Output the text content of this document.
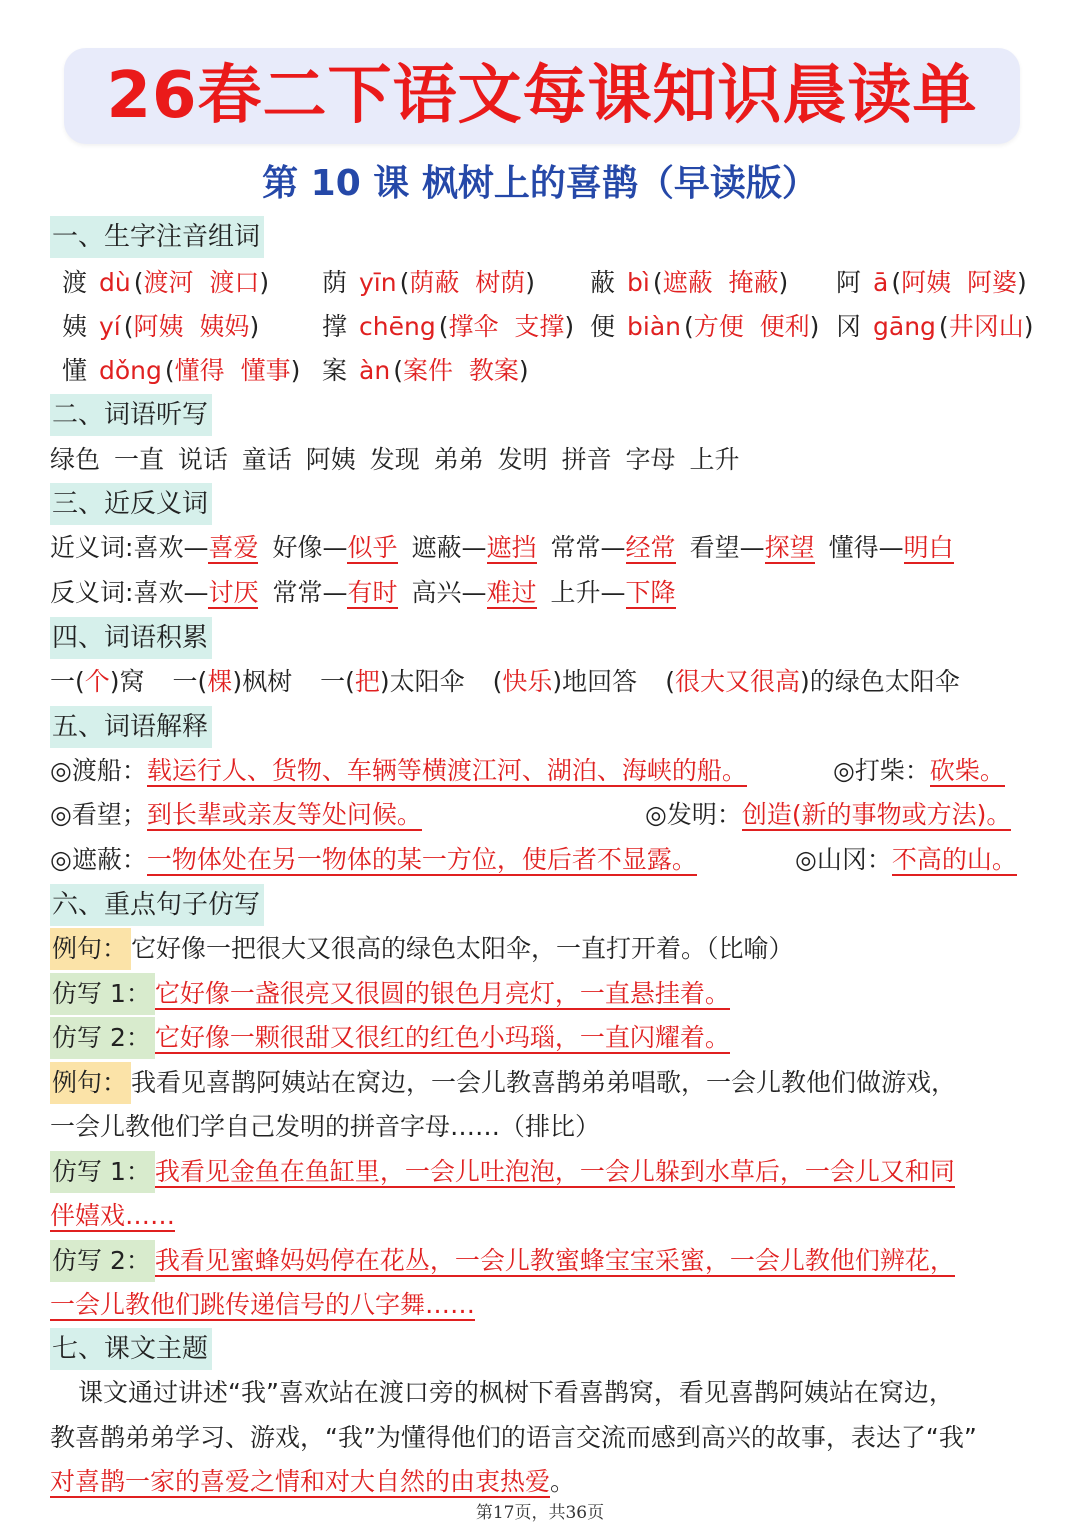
26春二下语文每课知识晨读单
第 10 课 枫树上的喜鹊（早读版）
一、生字注音组词
渡 dù (渡河  渡口) 荫 yīn (荫蔽  树荫) 蔽 bì (遮蔽  掩蔽) 阿 ā (阿姨  阿婆)
姨 yí (阿姨  姨妈)	撑 chēng (撑伞  支撑) 便 biàn (方便  便利) 冈 gāng (井冈山)
懂 dǒng (懂得  懂事) 案 àn (案件  教案)
二、词语听写
绿色 一直 说话 童话 阿姨 发现 弟弟 发明 拼音 字母 上升
三、近反义词
近义词:喜欢—喜爱 好像—似乎 遮蔽—遮挡 常常—经常 看望—探望 懂得—明白
反义词:喜欢—讨厌 常常—有时 高兴—难过 上升—下降
四、词语积累
一(个)窝 一(棵)枫树 一(把)太阳伞 (快乐)地回答 (很大又很高)的绿色太阳伞
五、词语解释
◎渡船：载运行人、货物、车辆等横渡江河、湖泊、海峡的船。	◎打柴：砍柴。
◎看望；到长辈或亲友等处问候。	◎发明：创造(新的事物或方法)。
◎遮蔽：一物体处在另一物体的某一方位，使后者不显露。	◎山冈：不高的山。
六、重点句子仿写
例句： 它好像一把很大又很高的绿色太阳伞，一直打开着。（比喻）
仿写 1： 它好像一盏很亮又很圆的银色月亮灯，一直悬挂着。
仿写 2： 它好像一颗很甜又很红的红色小玛瑙，一直闪耀着。
例句： 我看见喜鹊阿姨站在窝边，一会儿教喜鹊弟弟唱歌，一会儿教他们做游戏，
一会儿教他们学自己发明的拼音字母……（排比）
仿写 1： 我看见金鱼在鱼缸里，一会儿吐泡泡，一会儿躲到水草后，一会儿又和同
伴嬉戏……
仿写 2： 我看见蜜蜂妈妈停在花丛，一会儿教蜜蜂宝宝采蜜，一会儿教他们辨花，
一会儿教他们跳传递信号的八字舞……
七、课文主题
课文通过讲述“我”喜欢站在渡口旁的枫树下看喜鹊窝，看见喜鹊阿姨站在窝边，
教喜鹊弟弟学习、游戏，“我”为懂得他们的语言交流而感到高兴的故事，表达了“我”
对喜鹊一家的喜爱之情和对大自然的由衷热爱。
第17页，共36页
